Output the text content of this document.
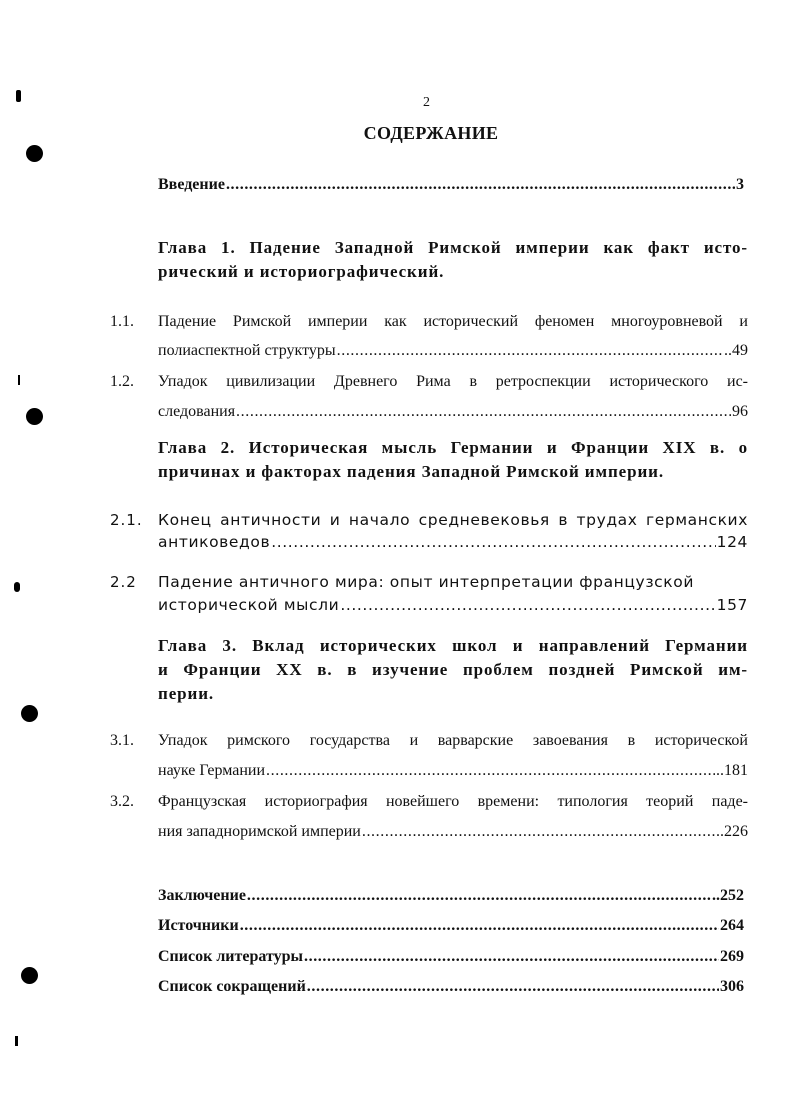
2
СОДЕРЖАНИЕ
Введение .....	3
Глава 1. Падение Западной Римской империи как факт исто-
рический и историографический.
1.1. Падение Римской империи как исторический феномен многоуровневой и
полиаспектной структуры .....	..49
1.2. Упадок цивилизации Древнего Рима в ретроспекции исторического ис-
следования .....	96
Глава 2. Историческая мысль Германии и Франции XIX в. о
причинах и факторах падения Западной Римской империи.
2.1. Конец античности и начало средневековья в трудах германских
антиковедов .....	124
2.2 Падение античного мира: опыт интерпретации французской
исторической мысли .....	157
Глава 3. Вклад исторических школ и направлений Германии
и Франции XX в. в изучение проблем поздней Римской им-
перии.
3.1. Упадок римского государства и варварские завоевания в исторической
науке Германии .....	..181
3.2. Французская историография новейшего времени: типология теорий паде-
ния западноримской империи .....	..226
Заключение .....	..252
Источники .....	264
Список литературы .....	269
Список сокращений .....	306
